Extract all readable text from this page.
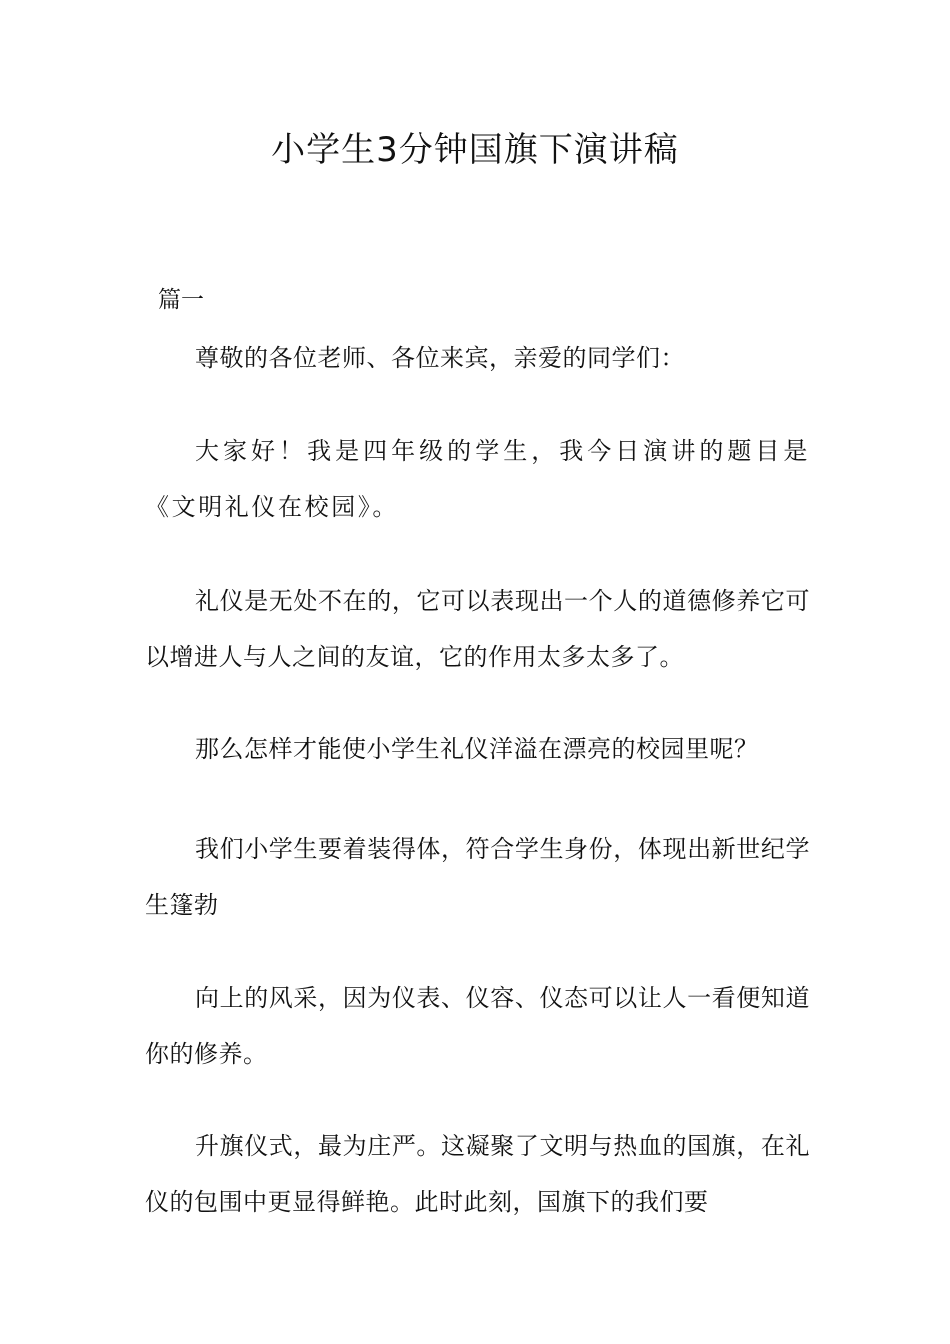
小学生3分钟国旗下演讲稿
篇一

尊敬的各位老师、各位来宾，亲爱的同学们：

大家好！我是四年级的学生，我今日演讲的题目是《文明礼仪在校园》。

礼仪是无处不在的，它可以表现出一个人的道德修养它可以增进人与人之间的友谊，它的作用太多太多了。

那么怎样才能使小学生礼仪洋溢在漂亮的校园里呢？

我们小学生要着装得体，符合学生身份，体现出新世纪学生篷勃

向上的风采，因为仪表、仪容、仪态可以让人一看便知道你的修养。

升旗仪式，最为庄严。这凝聚了文明与热血的国旗，在礼仪的包围中更显得鲜艳。此时此刻，国旗下的我们要
